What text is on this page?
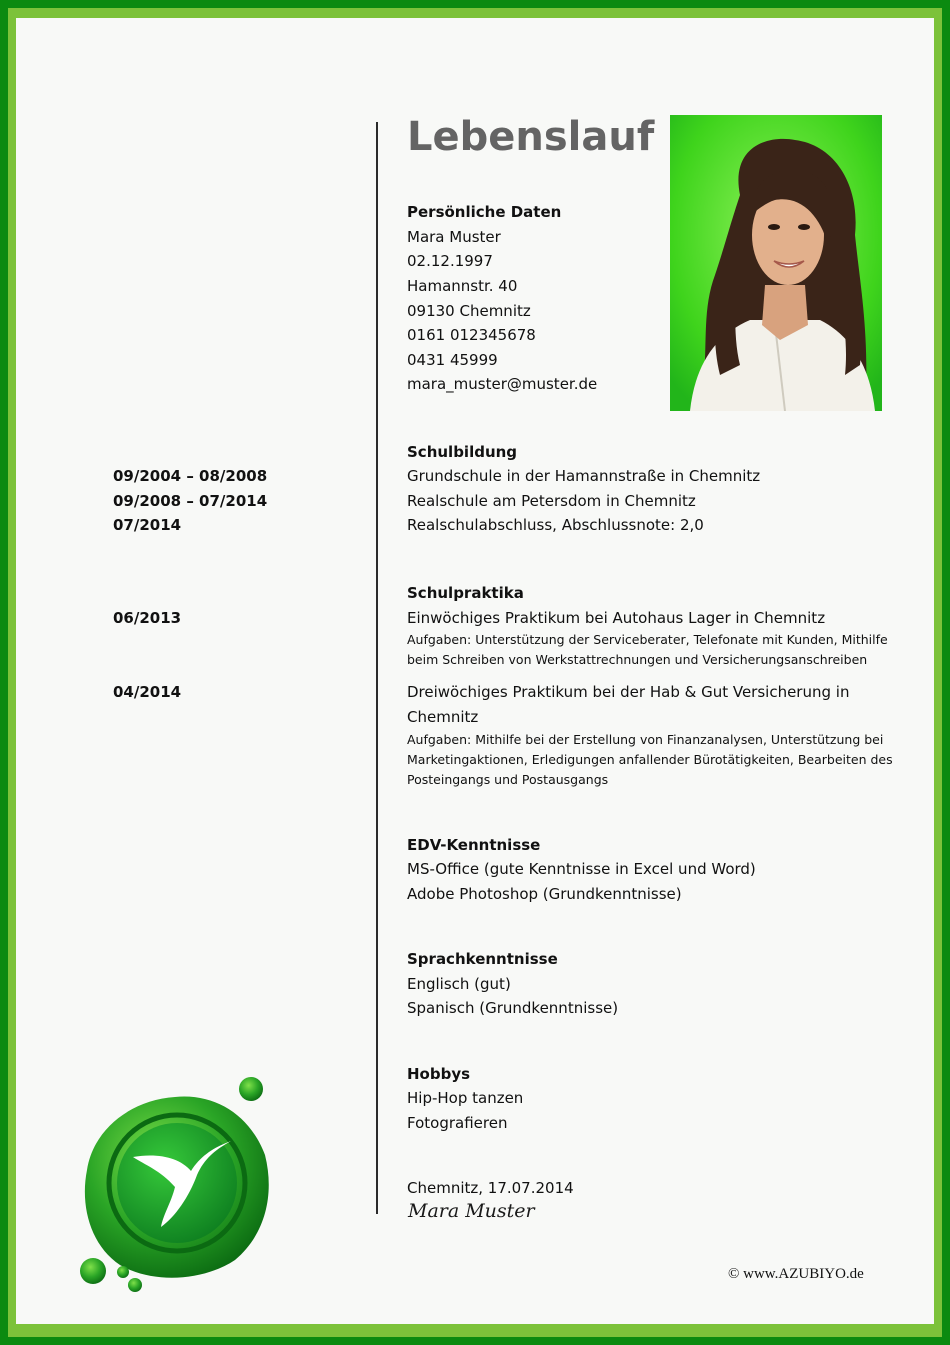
Lebenslauf
Persönliche Daten
Mara Muster
02.12.1997
Hamannstr. 40
09130 Chemnitz
0161 012345678
0431 45999
mara_muster@muster.de
Schulbildung
09/2004 – 08/2008	Grundschule in der Hamannstraße in Chemnitz
09/2008 – 07/2014	Realschule am Petersdom in Chemnitz
07/2014	Realschulabschluss, Abschlussnote: 2,0
Schulpraktika
06/2013	Einwöchiges Praktikum bei Autohaus Lager in Chemnitz
Aufgaben: Unterstützung der Serviceberater, Telefonate mit Kunden, Mithilfe
beim Schreiben von Werkstattrechnungen und Versicherungsanschreiben
04/2014	Dreiwöchiges Praktikum bei der Hab & Gut Versicherung in
Chemnitz
Aufgaben: Mithilfe bei der Erstellung von Finanzanalysen, Unterstützung bei
Marketingaktionen, Erledigungen anfallender Bürotätigkeiten, Bearbeiten des
Posteingangs und Postausgangs
EDV-Kenntnisse
MS-Office (gute Kenntnisse in Excel und Word)
Adobe Photoshop (Grundkenntnisse)
Sprachkenntnisse
Englisch (gut)
Spanisch (Grundkenntnisse)
Hobbys
Hip-Hop tanzen
Fotografieren
Chemnitz, 17.07.2014
Mara Muster
© www.AZUBIYO.de
